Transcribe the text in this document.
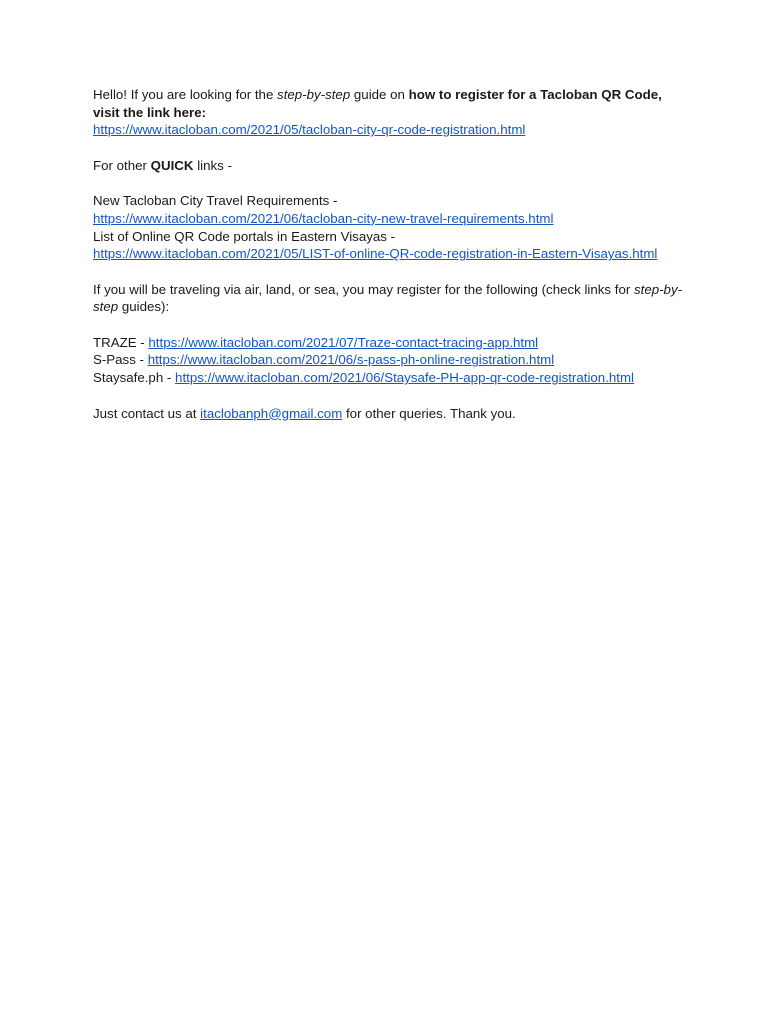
Hello! If you are looking for the step-by-step guide on how to register for a Tacloban QR Code, visit the link here:

https://www.itacloban.com/2021/05/tacloban-city-qr-code-registration.html

For other QUICK links -

New Tacloban City Travel Requirements -

https://www.itacloban.com/2021/06/tacloban-city-new-travel-requirements.html

List of Online QR Code portals in Eastern Visayas -

https://www.itacloban.com/2021/05/LIST-of-online-QR-code-registration-in-Eastern-Visayas.html

If you will be traveling via air, land, or sea, you may register for the following (check links for step-by-step guides):

TRAZE - https://www.itacloban.com/2021/07/Traze-contact-tracing-app.html

S-Pass - https://www.itacloban.com/2021/06/s-pass-ph-online-registration.html

Staysafe.ph - https://www.itacloban.com/2021/06/Staysafe-PH-app-qr-code-registration.html

Just contact us at itaclobanph@gmail.com for other queries. Thank you.
